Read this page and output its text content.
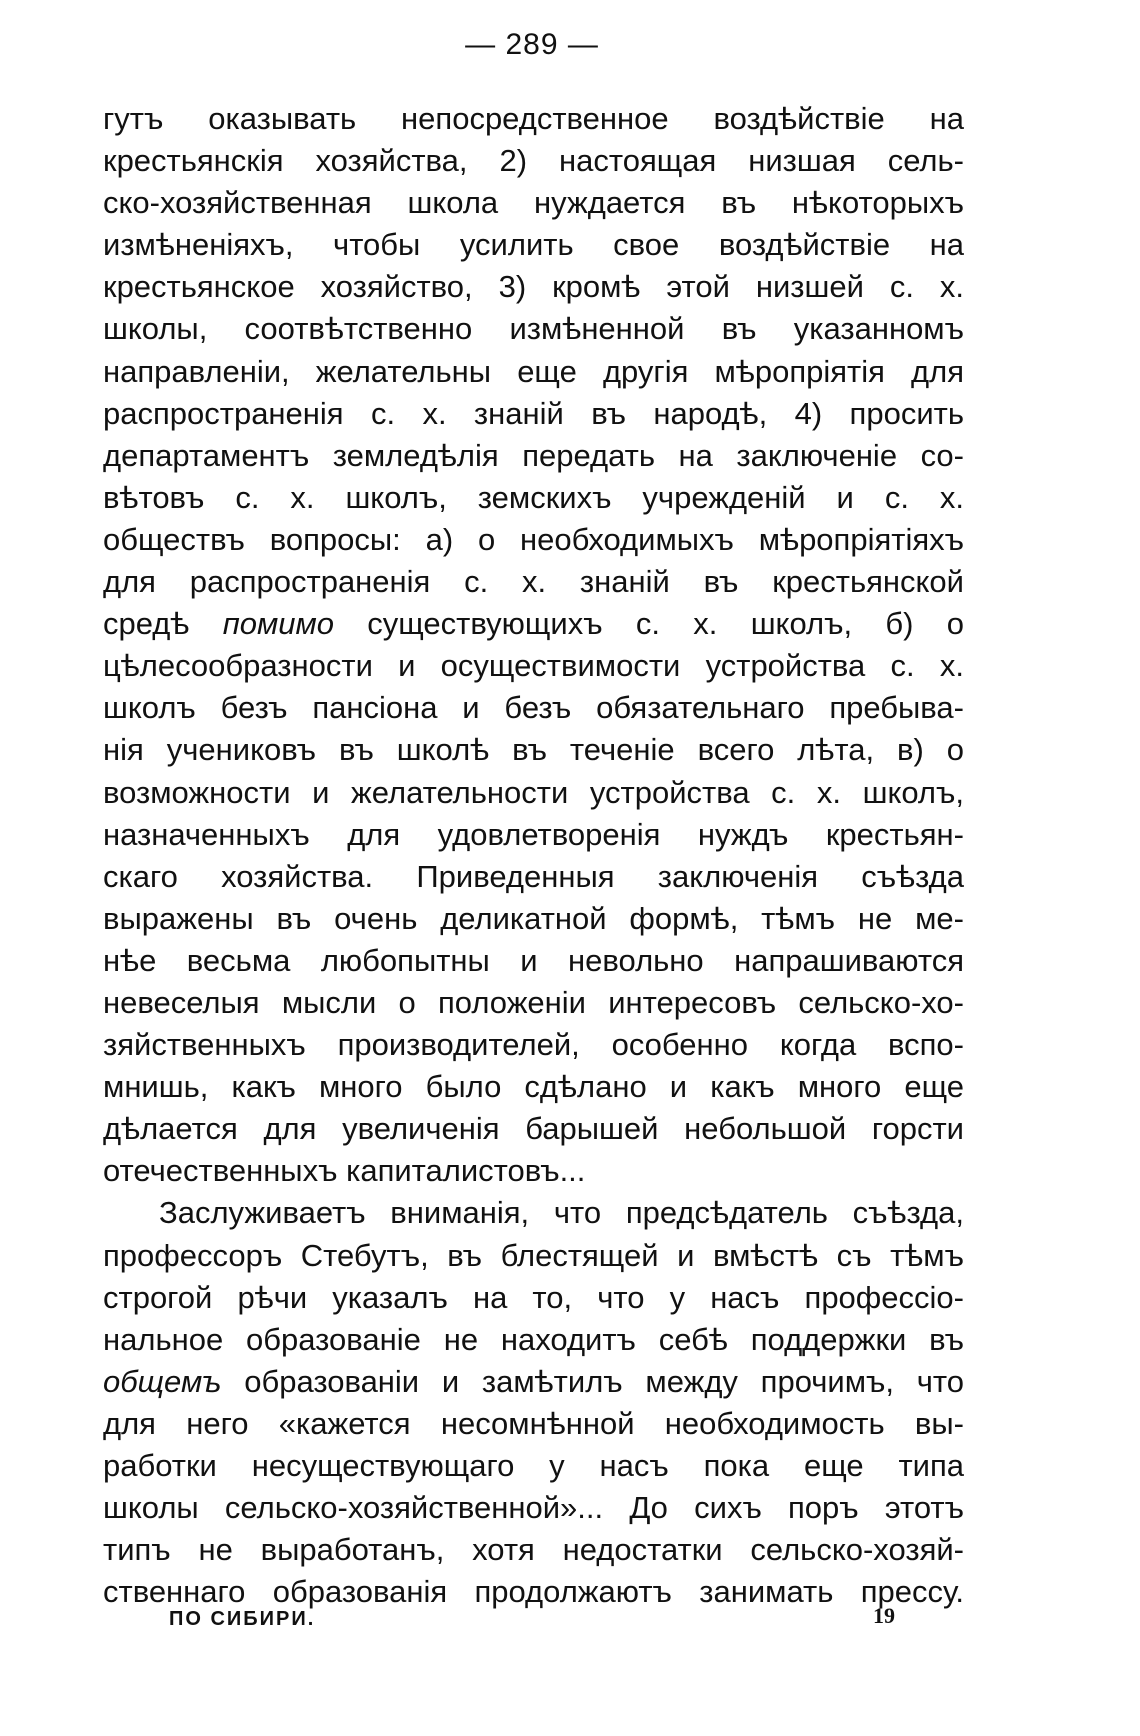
— 289 —
гутъ оказывать непосредственное воздѣйствіе на
крестьянскія хозяйства, 2) настоящая низшая сель-
ско-хозяйственная школа нуждается въ нѣкоторыхъ
измѣненіяхъ, чтобы усилить свое воздѣйствіе на
крестьянское хозяйство, 3) кромѣ этой низшей с. х.
школы, соотвѣтственно измѣненной въ указанномъ
направленіи, желательны еще другія мѣропріятія для
распространенія с. х. знаній въ народѣ, 4) просить
департаментъ земледѣлія передать на заключеніе со-
вѣтовъ с. х. школъ, земскихъ учрежденій и с. х.
обществъ вопросы: а) о необходимыхъ мѣропріятіяхъ
для распространенія с. х. знаній въ крестьянской
средѣ помимо существующихъ с. х. школъ, б) о
цѣлесообразности и осуществимости устройства с. х.
школъ безъ пансіона и безъ обязательнаго пребыва-
нія учениковъ въ школѣ въ теченіе всего лѣта, в) о
возможности и желательности устройства с. х. школъ,
назначенныхъ для удовлетворенія нуждъ крестьян-
скаго хозяйства. Приведенныя заключенія съѣзда
выражены въ очень деликатной формѣ, тѣмъ не ме-
нѣе весьма любопытны и невольно напрашиваются
невеселыя мысли о положеніи интересовъ сельско-хо-
зяйственныхъ производителей, особенно когда вспо-
мнишь, какъ много было сдѣлано и какъ много еще
дѣлается для увеличенія барышей небольшой горсти
отечественныхъ капиталистовъ...
Заслуживаетъ вниманія, что предсѣдатель съѣзда,
профессоръ Стебутъ, въ блестящей и вмѣстѣ съ тѣмъ
строгой рѣчи указалъ на то, что у насъ профессіо-
нальное образованіе не находитъ себѣ поддержки въ
общемъ образованіи и замѣтилъ между прочимъ, что
для него «кажется несомнѣнной необходимость вы-
работки несуществующаго у насъ пока еще типа
школы сельско-хозяйственной»... До сихъ поръ этотъ
типъ не выработанъ, хотя недостатки сельско-хозяй-
ственнаго образованія продолжаютъ занимать прессу.
ПО СИБИРИ.	19
